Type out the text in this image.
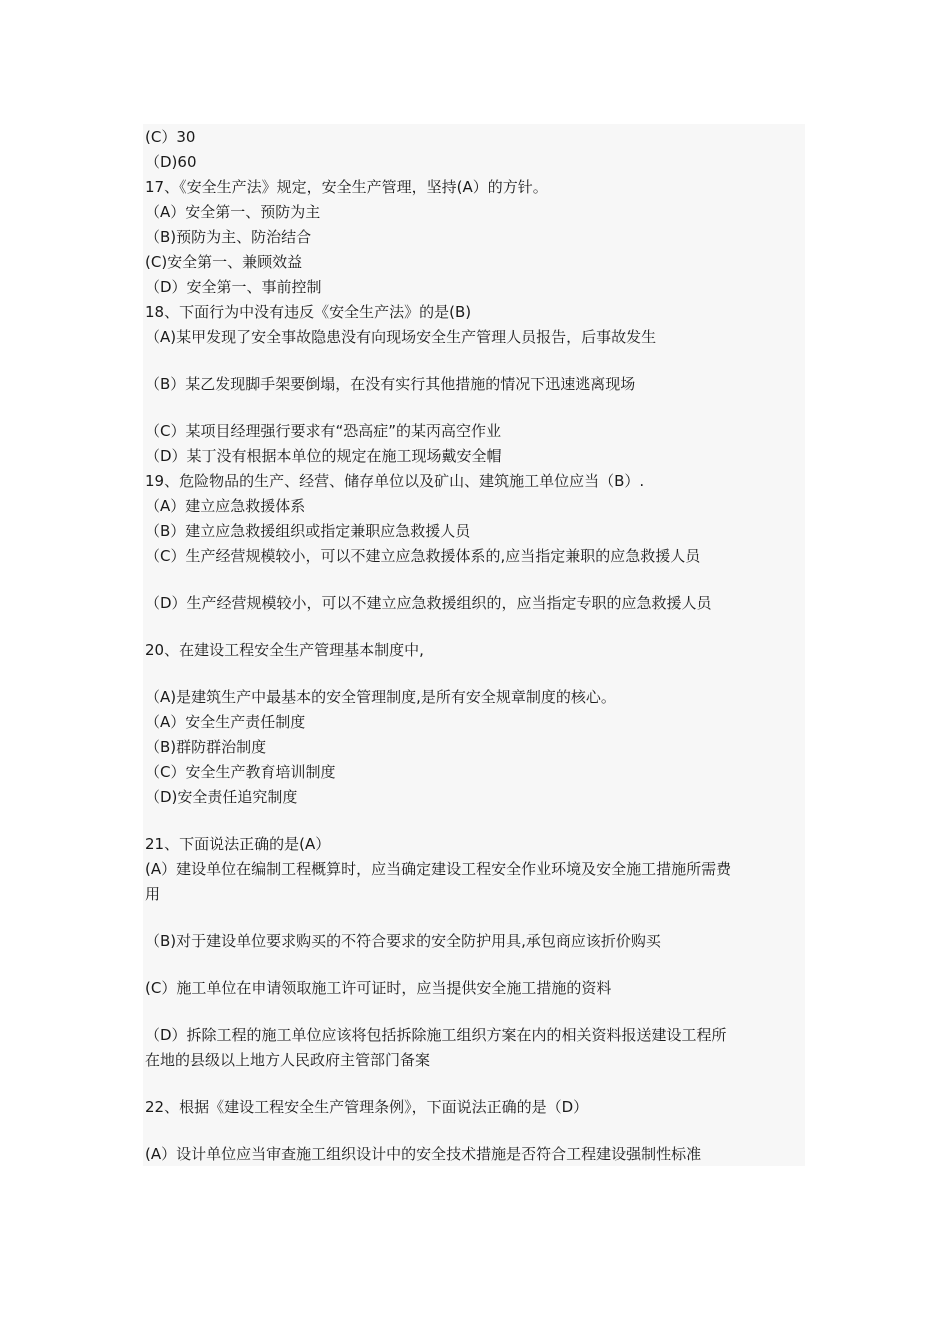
(C）30
（D)60
17、《安全生产法》规定，安全生产管理，坚持(A）的方针。
（A）安全第一、预防为主
（B)预防为主、防治结合
(C)安全第一、兼顾效益
（D）安全第一、事前控制
18、下面行为中没有违反《安全生产法》的是(B)
（A)某甲发现了安全事故隐患没有向现场安全生产管理人员报告，后事故发生
（B）某乙发现脚手架要倒塌，在没有实行其他措施的情况下迅速逃离现场
（C）某项目经理强行要求有“恐高症”的某丙高空作业
（D）某丁没有根据本单位的规定在施工现场戴安全帽
19、危险物品的生产、经营、储存单位以及矿山、建筑施工单位应当（B）.
（A）建立应急救援体系
（B）建立应急救援组织或指定兼职应急救援人员
（C）生产经营规模较小，可以不建立应急救援体系的,应当指定兼职的应急救援人员
（D）生产经营规模较小，可以不建立应急救援组织的，应当指定专职的应急救援人员
20、在建设工程安全生产管理基本制度中,
（A)是建筑生产中最基本的安全管理制度,是所有安全规章制度的核心。
（A）安全生产责任制度
（B)群防群治制度
（C）安全生产教育培训制度
（D)安全责任追究制度
21、下面说法正确的是(A）
(A）建设单位在编制工程概算时，应当确定建设工程安全作业环境及安全施工措施所需费
用
（B)对于建设单位要求购买的不符合要求的安全防护用具,承包商应该折价购买
(C）施工单位在申请领取施工许可证时，应当提供安全施工措施的资料
（D）拆除工程的施工单位应该将包括拆除施工组织方案在内的相关资料报送建设工程所
在地的县级以上地方人民政府主管部门备案
22、根据《建设工程安全生产管理条例》，下面说法正确的是（D）
(A）设计单位应当审查施工组织设计中的安全技术措施是否符合工程建设强制性标准
